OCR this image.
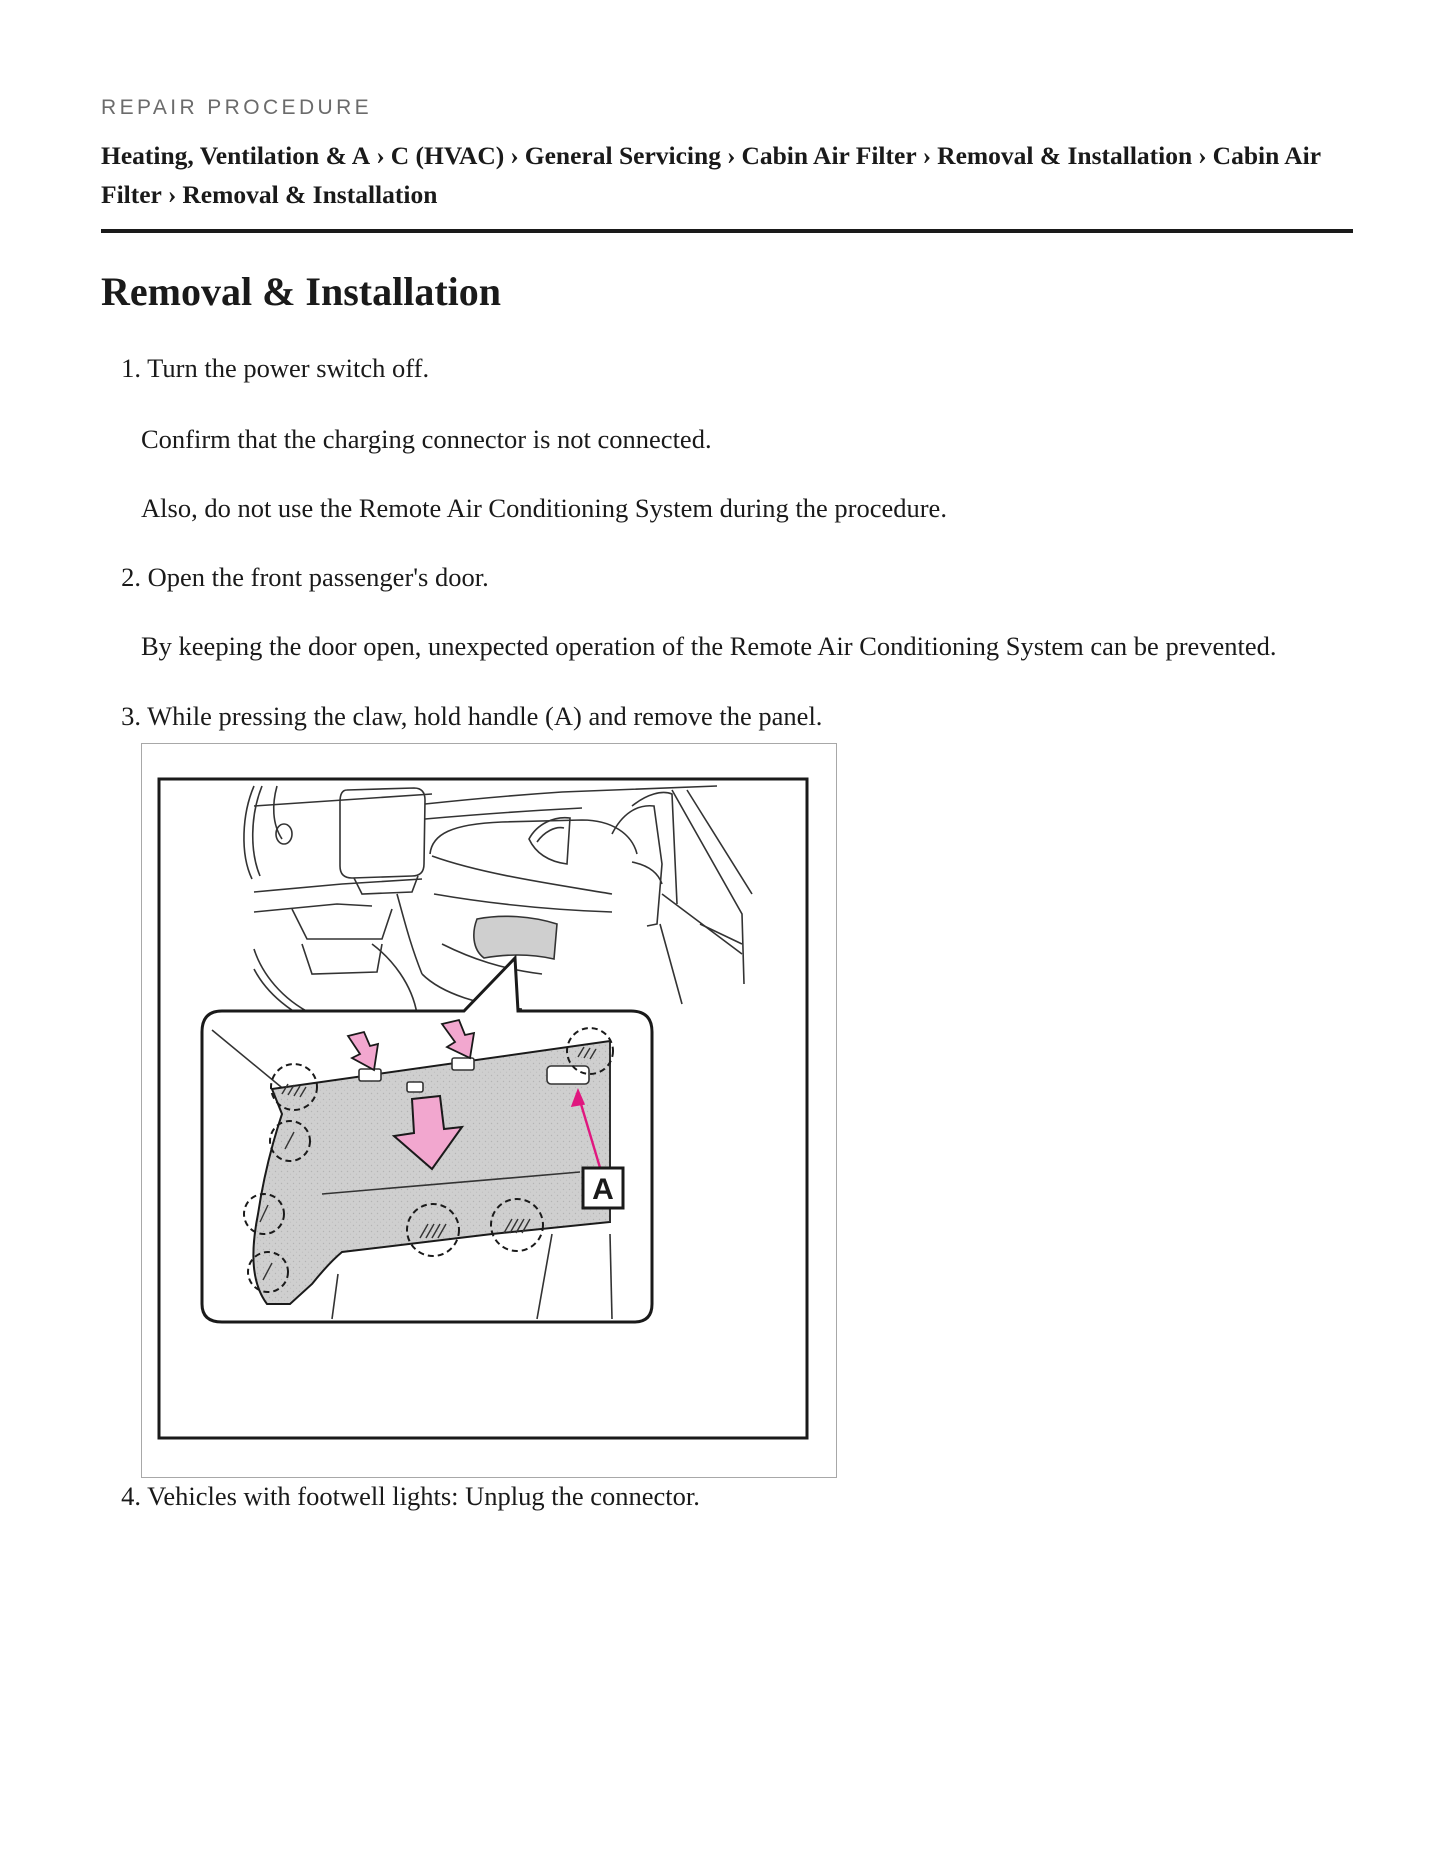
REPAIR PROCEDURE
Heating, Ventilation & A › C (HVAC) › General Servicing › Cabin Air Filter › Removal & Installation › Cabin Air Filter › Removal & Installation
Removal & Installation
1. Turn the power switch off.
Confirm that the charging connector is not connected.
Also, do not use the Remote Air Conditioning System during the procedure.
2. Open the front passenger's door.
By keeping the door open, unexpected operation of the Remote Air Conditioning System can be prevented.
3. While pressing the claw, hold handle (A) and remove the panel.
A
4. Vehicles with footwell lights: Unplug the connector.
